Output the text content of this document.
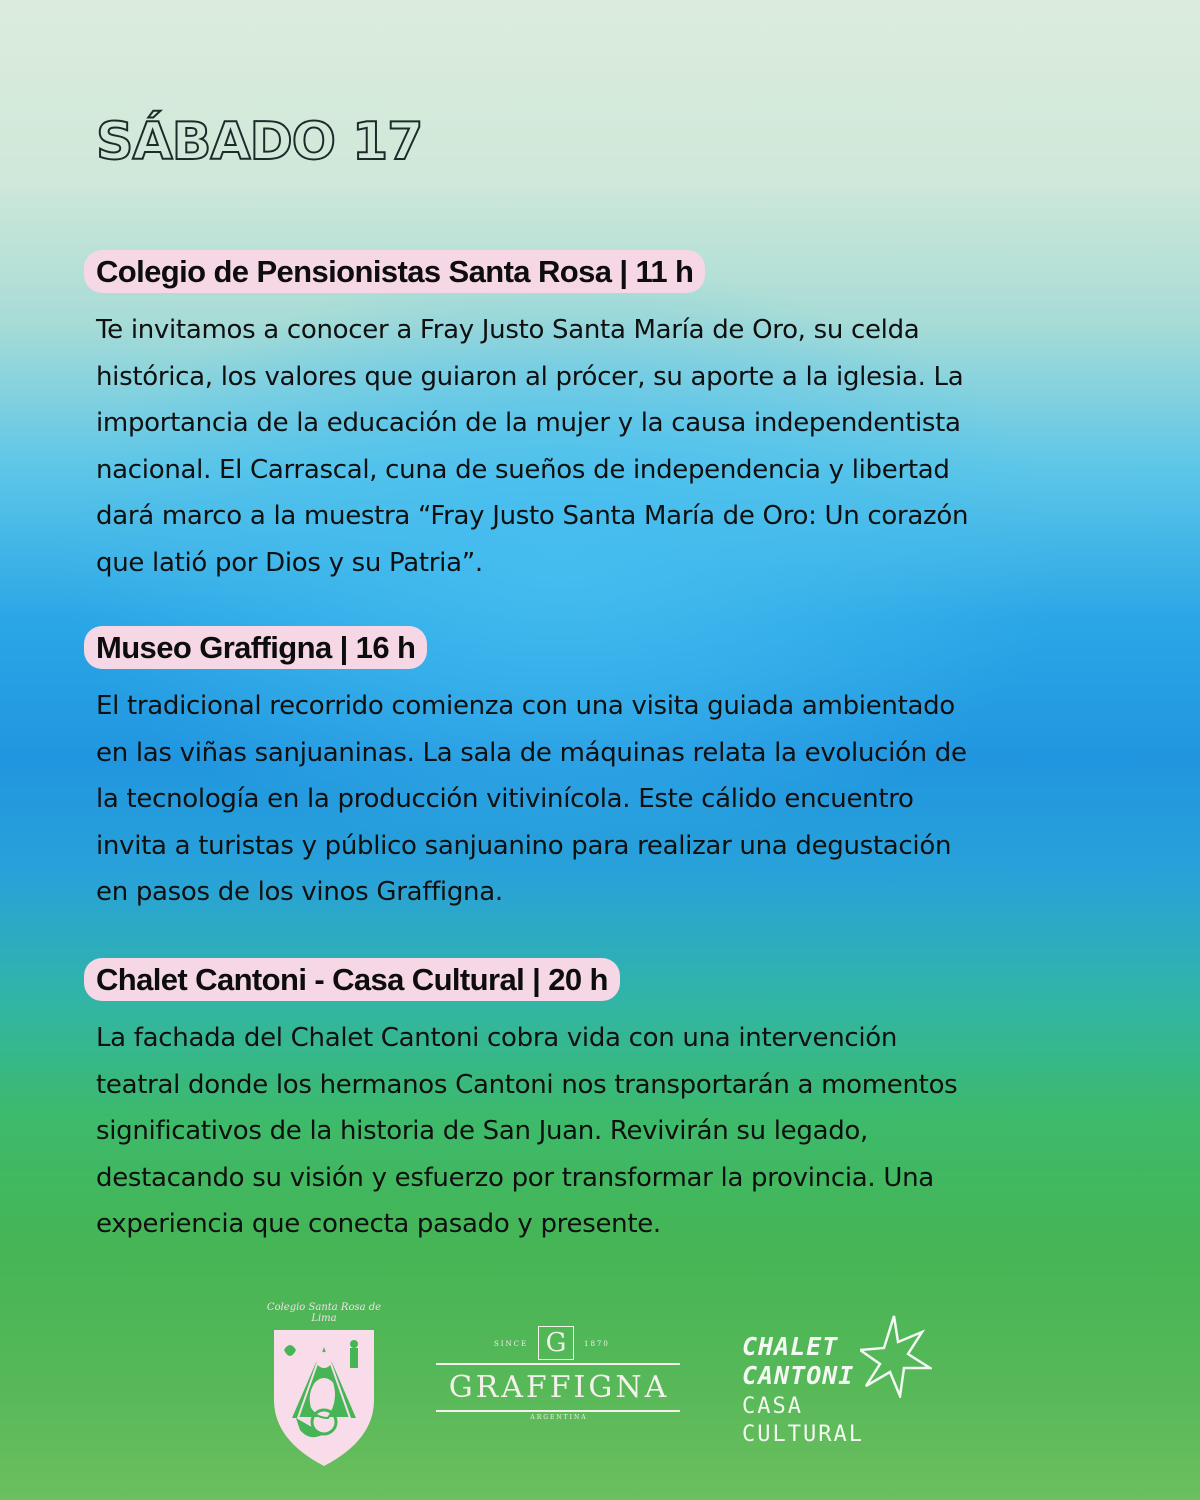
SÁBADO 17
Colegio de Pensionistas Santa Rosa | 11 h
Te invitamos a conocer a Fray Justo Santa María de Oro, su celda
histórica, los valores que guiaron al prócer, su aporte a la iglesia. La
importancia de la educación de la mujer y la causa independentista
nacional. El Carrascal, cuna de sueños de independencia y libertad
dará marco a la muestra “Fray Justo Santa María de Oro: Un corazón
que latió por Dios y su Patria”.
Museo Graffigna | 16 h
El tradicional recorrido comienza con una visita guiada ambientado
en las viñas sanjuaninas. La sala de máquinas relata la evolución de
la tecnología en la producción vitivinícola. Este cálido encuentro
invita a turistas y público sanjuanino para realizar una degustación
en pasos de los vinos Graffigna.
Chalet Cantoni - Casa Cultural | 20 h
La fachada del Chalet Cantoni cobra vida con una intervención
teatral donde los hermanos Cantoni nos transportarán a momentos
significativos de la historia de San Juan. Revivirán su legado,
destacando su visión y esfuerzo por transformar la provincia. Una
experiencia que conecta pasado y presente.
Colegio Santa Rosa de Lima
SINCE G	1870
GRAFFIGNA
ARGENTINA
CHALET
CANTONI
CASA
CULTURAL
